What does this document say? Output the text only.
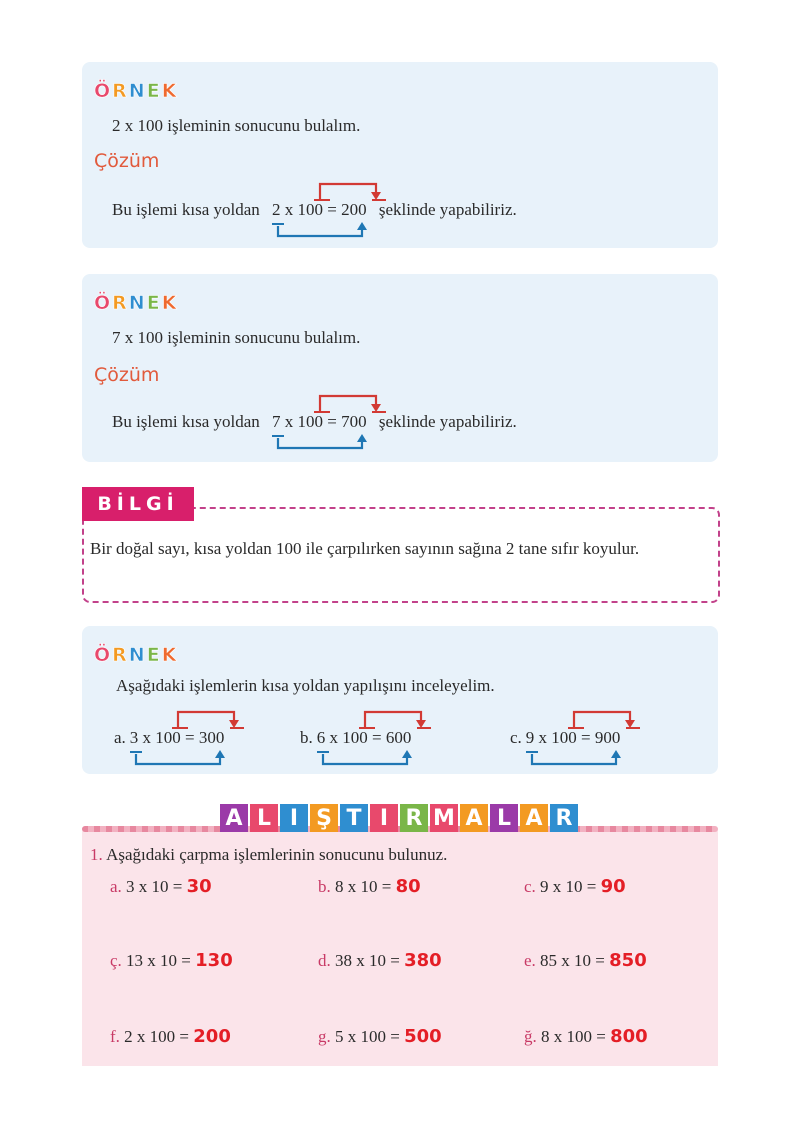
Ö R N E K
2 x 100 işleminin sonucunu bulalım.
Çözüm
Bu işlemi kısa yoldan 2 x 100 = 200 şeklinde yapabiliriz.
Ö R N E K
7 x 100 işleminin sonucunu bulalım.
Çözüm
Bu işlemi kısa yoldan 7 x 100 = 700 şeklinde yapabiliriz.
BİLGİ
Bir doğal sayı, kısa yoldan 100 ile çarpılırken sayının sağına 2 tane sıfır koyulur.
Ö R N E K
Aşağıdaki işlemlerin kısa yoldan yapılışını inceleyelim.
a. 3 x 100 = 300	b. 6 x 100 = 600	c. 9 x 100 = 900
A L I Ş T I R M A L A R
1. Aşağıdaki çarpma işlemlerinin sonucunu bulunuz.
a. 3 x 10 = 30	b. 8 x 10 = 80	c. 9 x 10 = 90
ç. 13 x 10 = 130	d. 38 x 10 = 380	e. 85 x 10 = 850
f. 2 x 100 = 200	g. 5 x 100 = 500	ğ. 8 x 100 = 800
